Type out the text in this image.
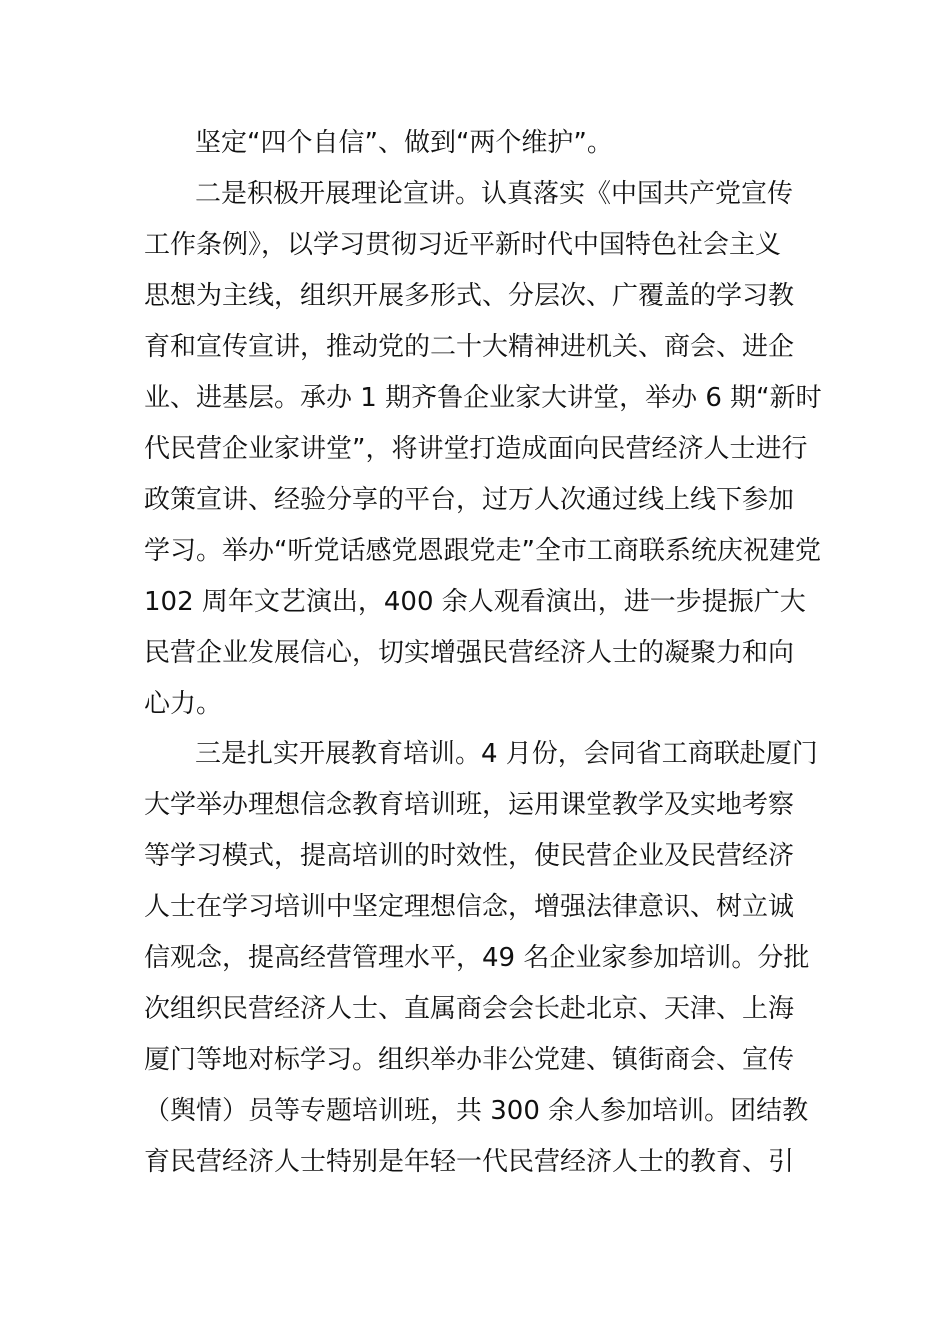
坚定“四个自信”、做到“两个维护”。
二是积极开展理论宣讲。认真落实《中国共产党宣传
工作条例》，以学习贯彻习近平新时代中国特色社会主义
思想为主线，组织开展多形式、分层次、广覆盖的学习教
育和宣传宣讲，推动党的二十大精神进机关、商会、进企
业、进基层。承办 1 期齐鲁企业家大讲堂，举办 6 期“新时
代民营企业家讲堂”，将讲堂打造成面向民营经济人士进行
政策宣讲、经验分享的平台，过万人次通过线上线下参加
学习。举办“听党话感党恩跟党走”全市工商联系统庆祝建党
102 周年文艺演出，400 余人观看演出，进一步提振广大
民营企业发展信心，切实增强民营经济人士的凝聚力和向
心力。
三是扎实开展教育培训。4 月份，会同省工商联赴厦门
大学举办理想信念教育培训班，运用课堂教学及实地考察
等学习模式，提高培训的时效性，使民营企业及民营经济
人士在学习培训中坚定理想信念，增强法律意识、树立诚
信观念，提高经营管理水平，49 名企业家参加培训。分批
次组织民营经济人士、直属商会会长赴北京、天津、上海
厦门等地对标学习。组织举办非公党建、镇街商会、宣传
（舆情）员等专题培训班，共 300 余人参加培训。团结教
育民营经济人士特别是年轻一代民营经济人士的教育、引
